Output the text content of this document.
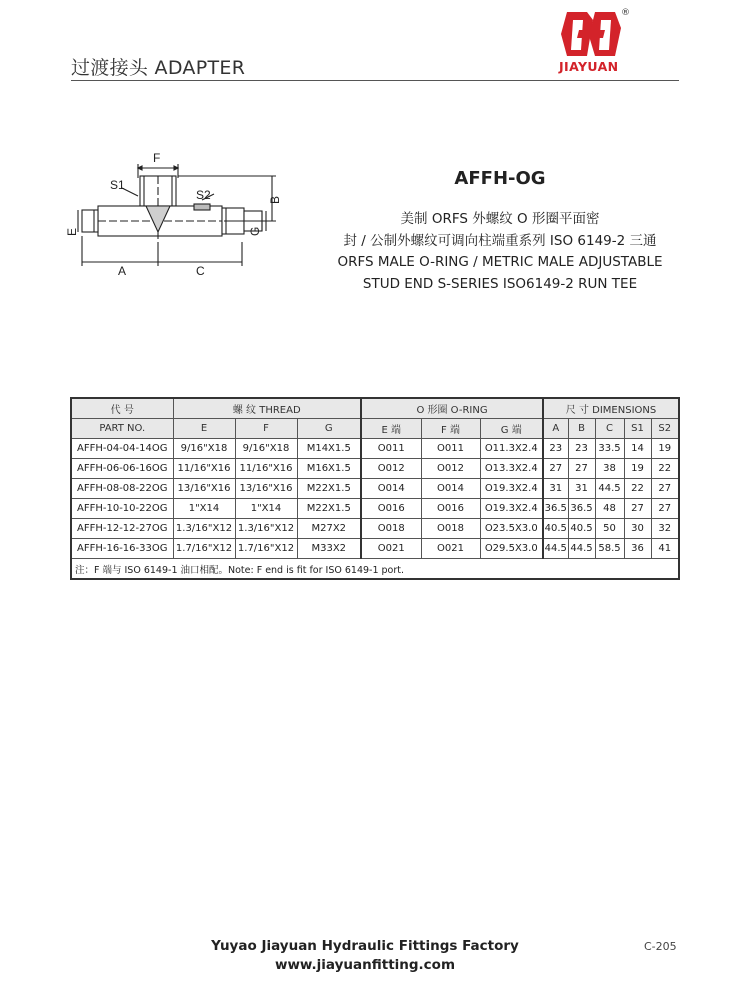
过渡接头 ADAPTER
®
JIAYUAN
F
S1
S2	B
E	G
A	C
AFFH-OG
美制 ORFS 外螺纹 O 形圈平面密
封 / 公制外螺纹可调向柱端重系列 ISO 6149-2 三通
ORFS MALE O-RING / METRIC MALE ADJUSTABLE
STUD END S-SERIES ISO6149-2 RUN TEE
代 号	螺 纹 THREAD			O 形圈 O-RING			尺 寸 DIMENSIONS				
PART NO.	E	F	G	E 端	F 端	G 端	A	B	C	S1	S2
AFFH-04-04-14OG	9/16"X18	9/16"X18	M14X1.5	O011	O011	O11.3X2.4	23	23	33.5	14	19
AFFH-06-06-16OG	11/16"X16	11/16"X16	M16X1.5	O012	O012	O13.3X2.4	27	27	38	19	22
AFFH-08-08-22OG	13/16"X16	13/16"X16	M22X1.5	O014	O014	O19.3X2.4	31	31	44.5	22	27
AFFH-10-10-22OG	1"X14	1"X14	M22X1.5	O016	O016	O19.3X2.4	36.5	36.5	48	27	27
AFFH-12-12-27OG	1.3/16"X12	1.3/16"X12	M27X2	O018	O018	O23.5X3.0	40.5	40.5	50	30	32
AFFH-16-16-33OG	1.7/16"X12	1.7/16"X12	M33X2	O021	O021	O29.5X3.0	44.5	44.5	58.5	36	41
注：F 端与 ISO 6149-1 油口相配。Note: F end is fit for ISO 6149-1 port.											
Yuyao Jiayuan Hydraulic Fittings Factory
www.jiayuanfitting.com
C-205
